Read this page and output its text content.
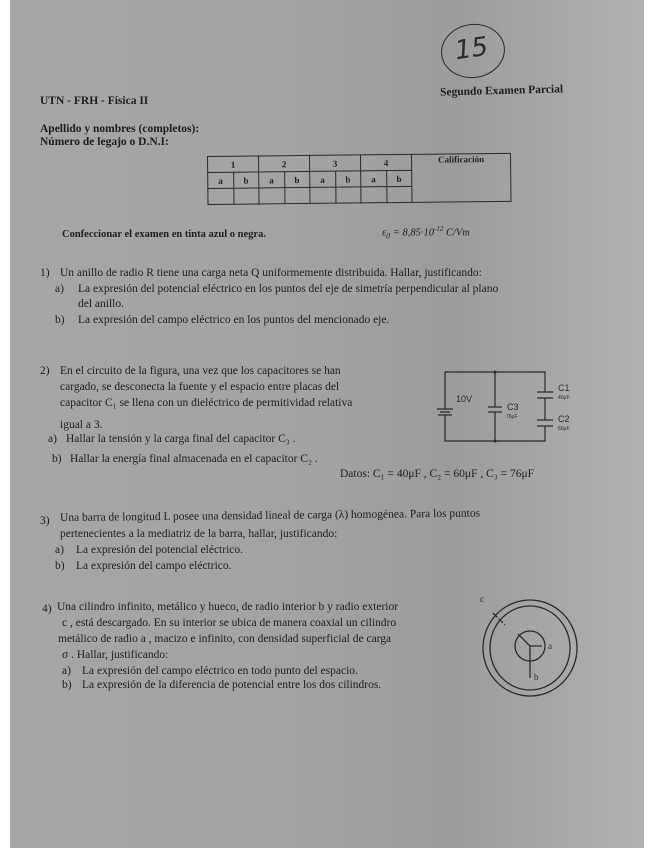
15
Segundo Examen Parcial
UTN - FRH - Física II
Apellido y nombres (completos):
Número de legajo o D.N.I:
1		2		3		4		Calificación
a	b	a	b	a	b	a	b	

Confeccionar el examen en tinta azul o negra.	$\varepsilon_0 = 8,85\cdot 10^{-12}$ C/Vm
1) Un anillo de radio R tiene una carga neta Q uniformemente distribuida. Hallar, justificando:
a) La expresión del potencial eléctrico en los puntos del eje de simetría perpendicular al plano
del anillo.
b) La expresión del campo eléctrico en los puntos del mencionado eje.
2) En el circuito de la figura, una vez que los capacitores se han
cargado, se desconecta la fuente y el espacio entre placas del
capacitor C₁ se llena con un dieléctrico de permitividad relativa
igual a 3.
a) Hallar la tensión y la carga final del capacitor C₃ .
b) Hallar la energía final almacenada en el capacitor C₂ .
Datos: C₁ = 40μF , C₂ = 60μF , C₃ = 76μF
10V
C3
76μF
C1
40μF
C2
60μF
3) Una barra de longitud L posee una densidad lineal de carga (λ) homogénea. Para los puntos
pertenecientes a la mediatriz de la barra, hallar, justificando:
a) La expresión del potencial eléctrico.
b) La expresión del campo eléctrico.
4) Una cilindro infinito, metálico y hueco, de radio interior b y radio exterior
c , está descargado. En su interior se ubica de manera coaxial un cilindro
metálico de radio a , macizo e infinito, con densidad superficial de carga
σ . Hallar, justificando:
a) La expresión del campo eléctrico en todo punto del espacio.
b) La expresión de la diferencia de potencial entre los dos cilindros.
c
a
b
